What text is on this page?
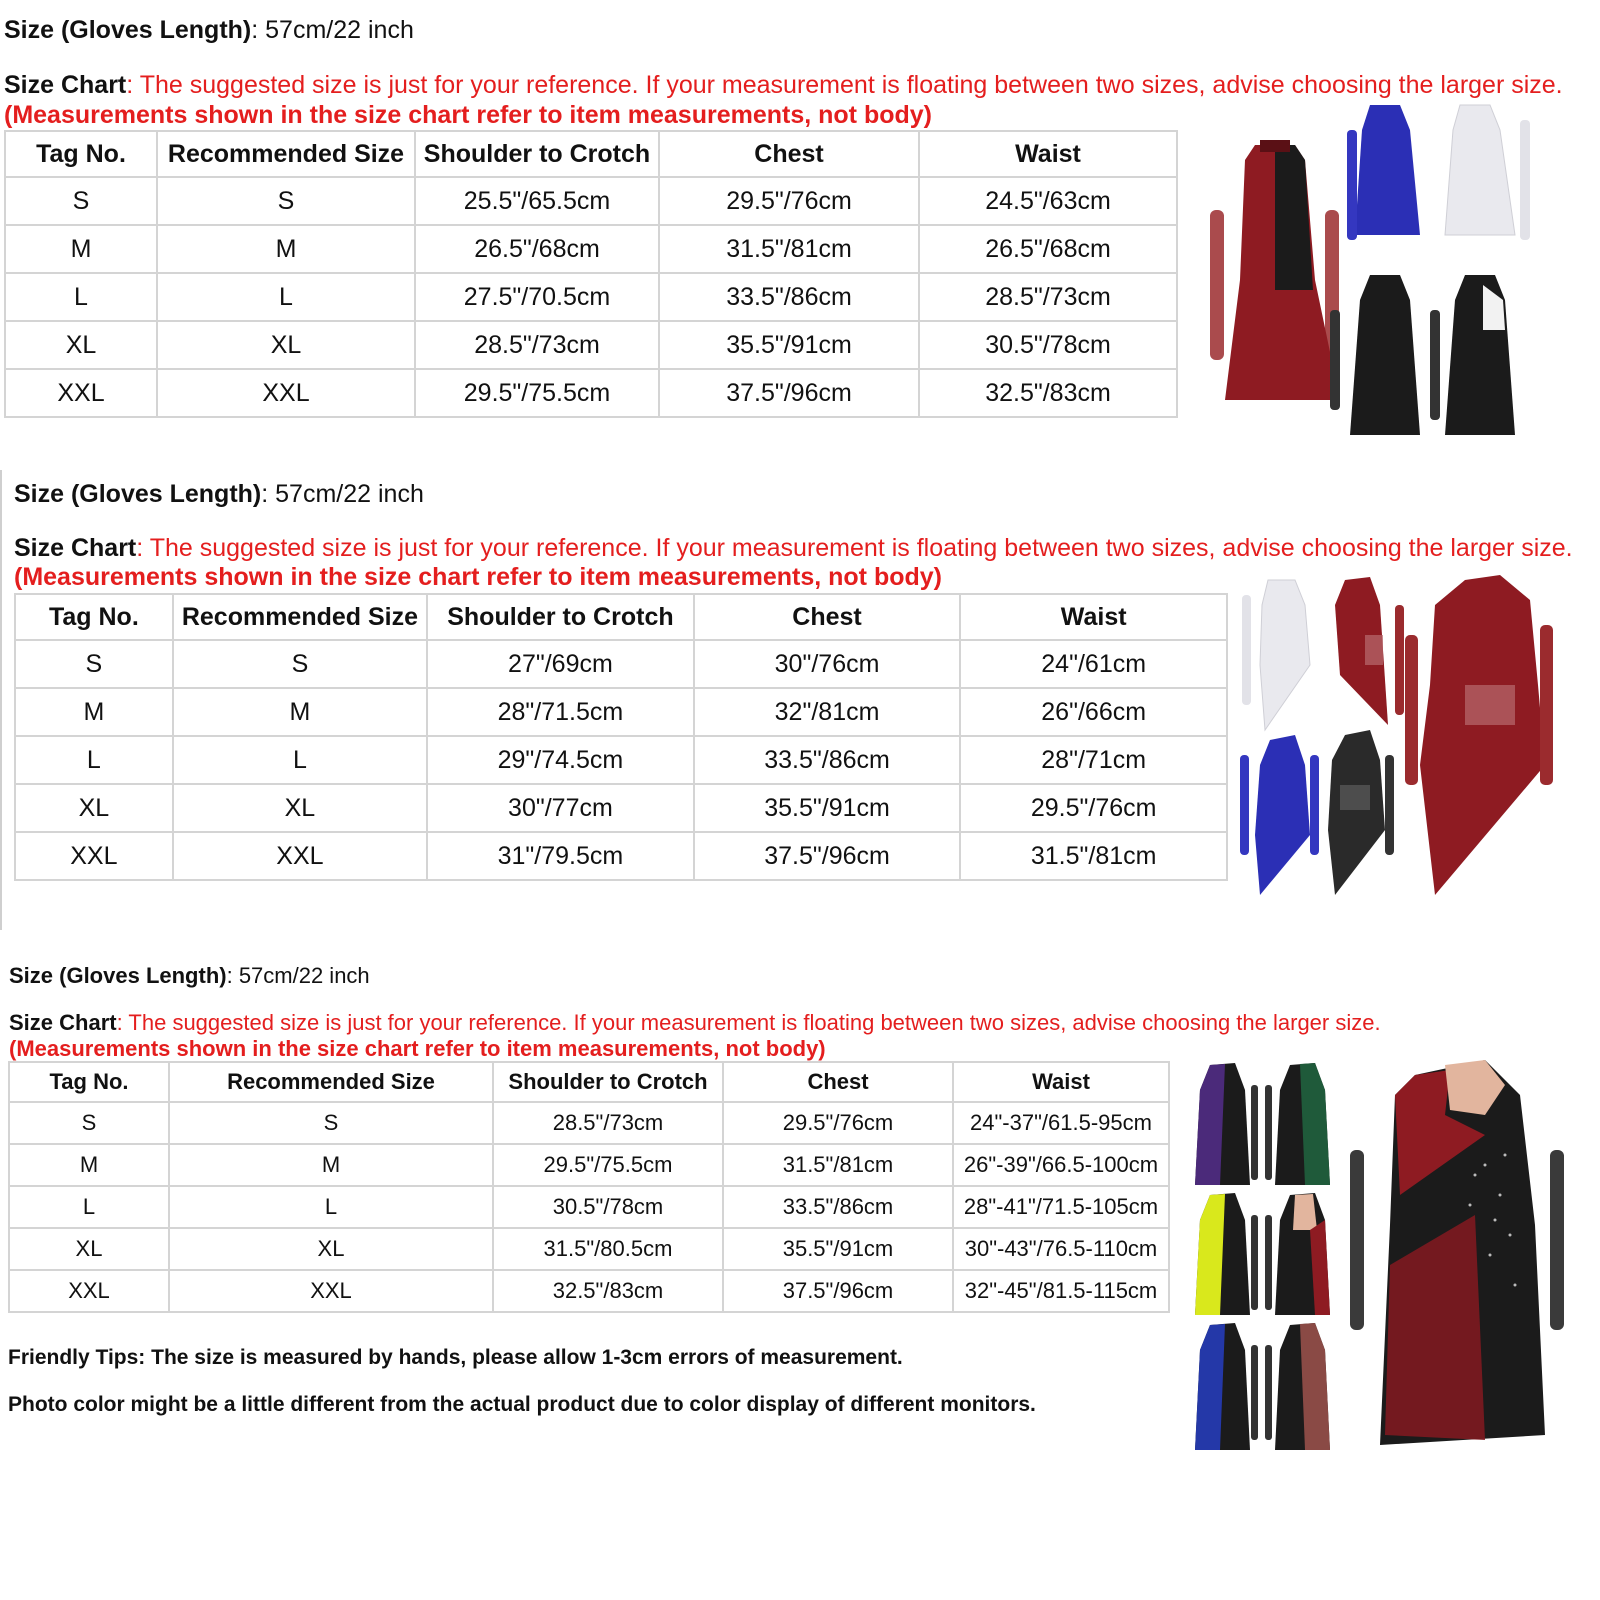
Size (Gloves Length): 57cm/22 inch
Size Chart: The suggested size is just for your reference. If your measurement is floating between two sizes, advise choosing the larger size.
(Measurements shown in the size chart refer to item measurements, not body)
Tag No.	Recommended Size	Shoulder to Crotch	Chest	Waist
S	S	25.5"/65.5cm	29.5"/76cm	24.5"/63cm
M	M	26.5"/68cm	31.5"/81cm	26.5"/68cm
L	L	27.5"/70.5cm	33.5"/86cm	28.5"/73cm
XL	XL	28.5"/73cm	35.5"/91cm	30.5"/78cm
XXL	XXL	29.5"/75.5cm	37.5"/96cm	32.5"/83cm
Size (Gloves Length): 57cm/22 inch
Size Chart: The suggested size is just for your reference. If your measurement is floating between two sizes, advise choosing the larger size.
(Measurements shown in the size chart refer to item measurements, not body)
Tag No.	Recommended Size	Shoulder to Crotch	Chest	Waist
S	S	27"/69cm	30"/76cm	24"/61cm
M	M	28"/71.5cm	32"/81cm	26"/66cm
L	L	29"/74.5cm	33.5"/86cm	28"/71cm
XL	XL	30"/77cm	35.5"/91cm	29.5"/76cm
XXL	XXL	31"/79.5cm	37.5"/96cm	31.5"/81cm
Size (Gloves Length): 57cm/22 inch
Size Chart: The suggested size is just for your reference. If your measurement is floating between two sizes, advise choosing the larger size.
(Measurements shown in the size chart refer to item measurements, not body)
Tag No.	Recommended Size	Shoulder to Crotch	Chest	Waist
S	S	28.5"/73cm	29.5"/76cm	24"-37"/61.5-95cm
M	M	29.5"/75.5cm	31.5"/81cm	26"-39"/66.5-100cm
L	L	30.5"/78cm	33.5"/86cm	28"-41"/71.5-105cm
XL	XL	31.5"/80.5cm	35.5"/91cm	30"-43"/76.5-110cm
XXL	XXL	32.5"/83cm	37.5"/96cm	32"-45"/81.5-115cm
Friendly Tips: The size is measured by hands, please allow 1-3cm errors of measurement.
Photo color might be a little different from the actual product due to color display of different monitors.
